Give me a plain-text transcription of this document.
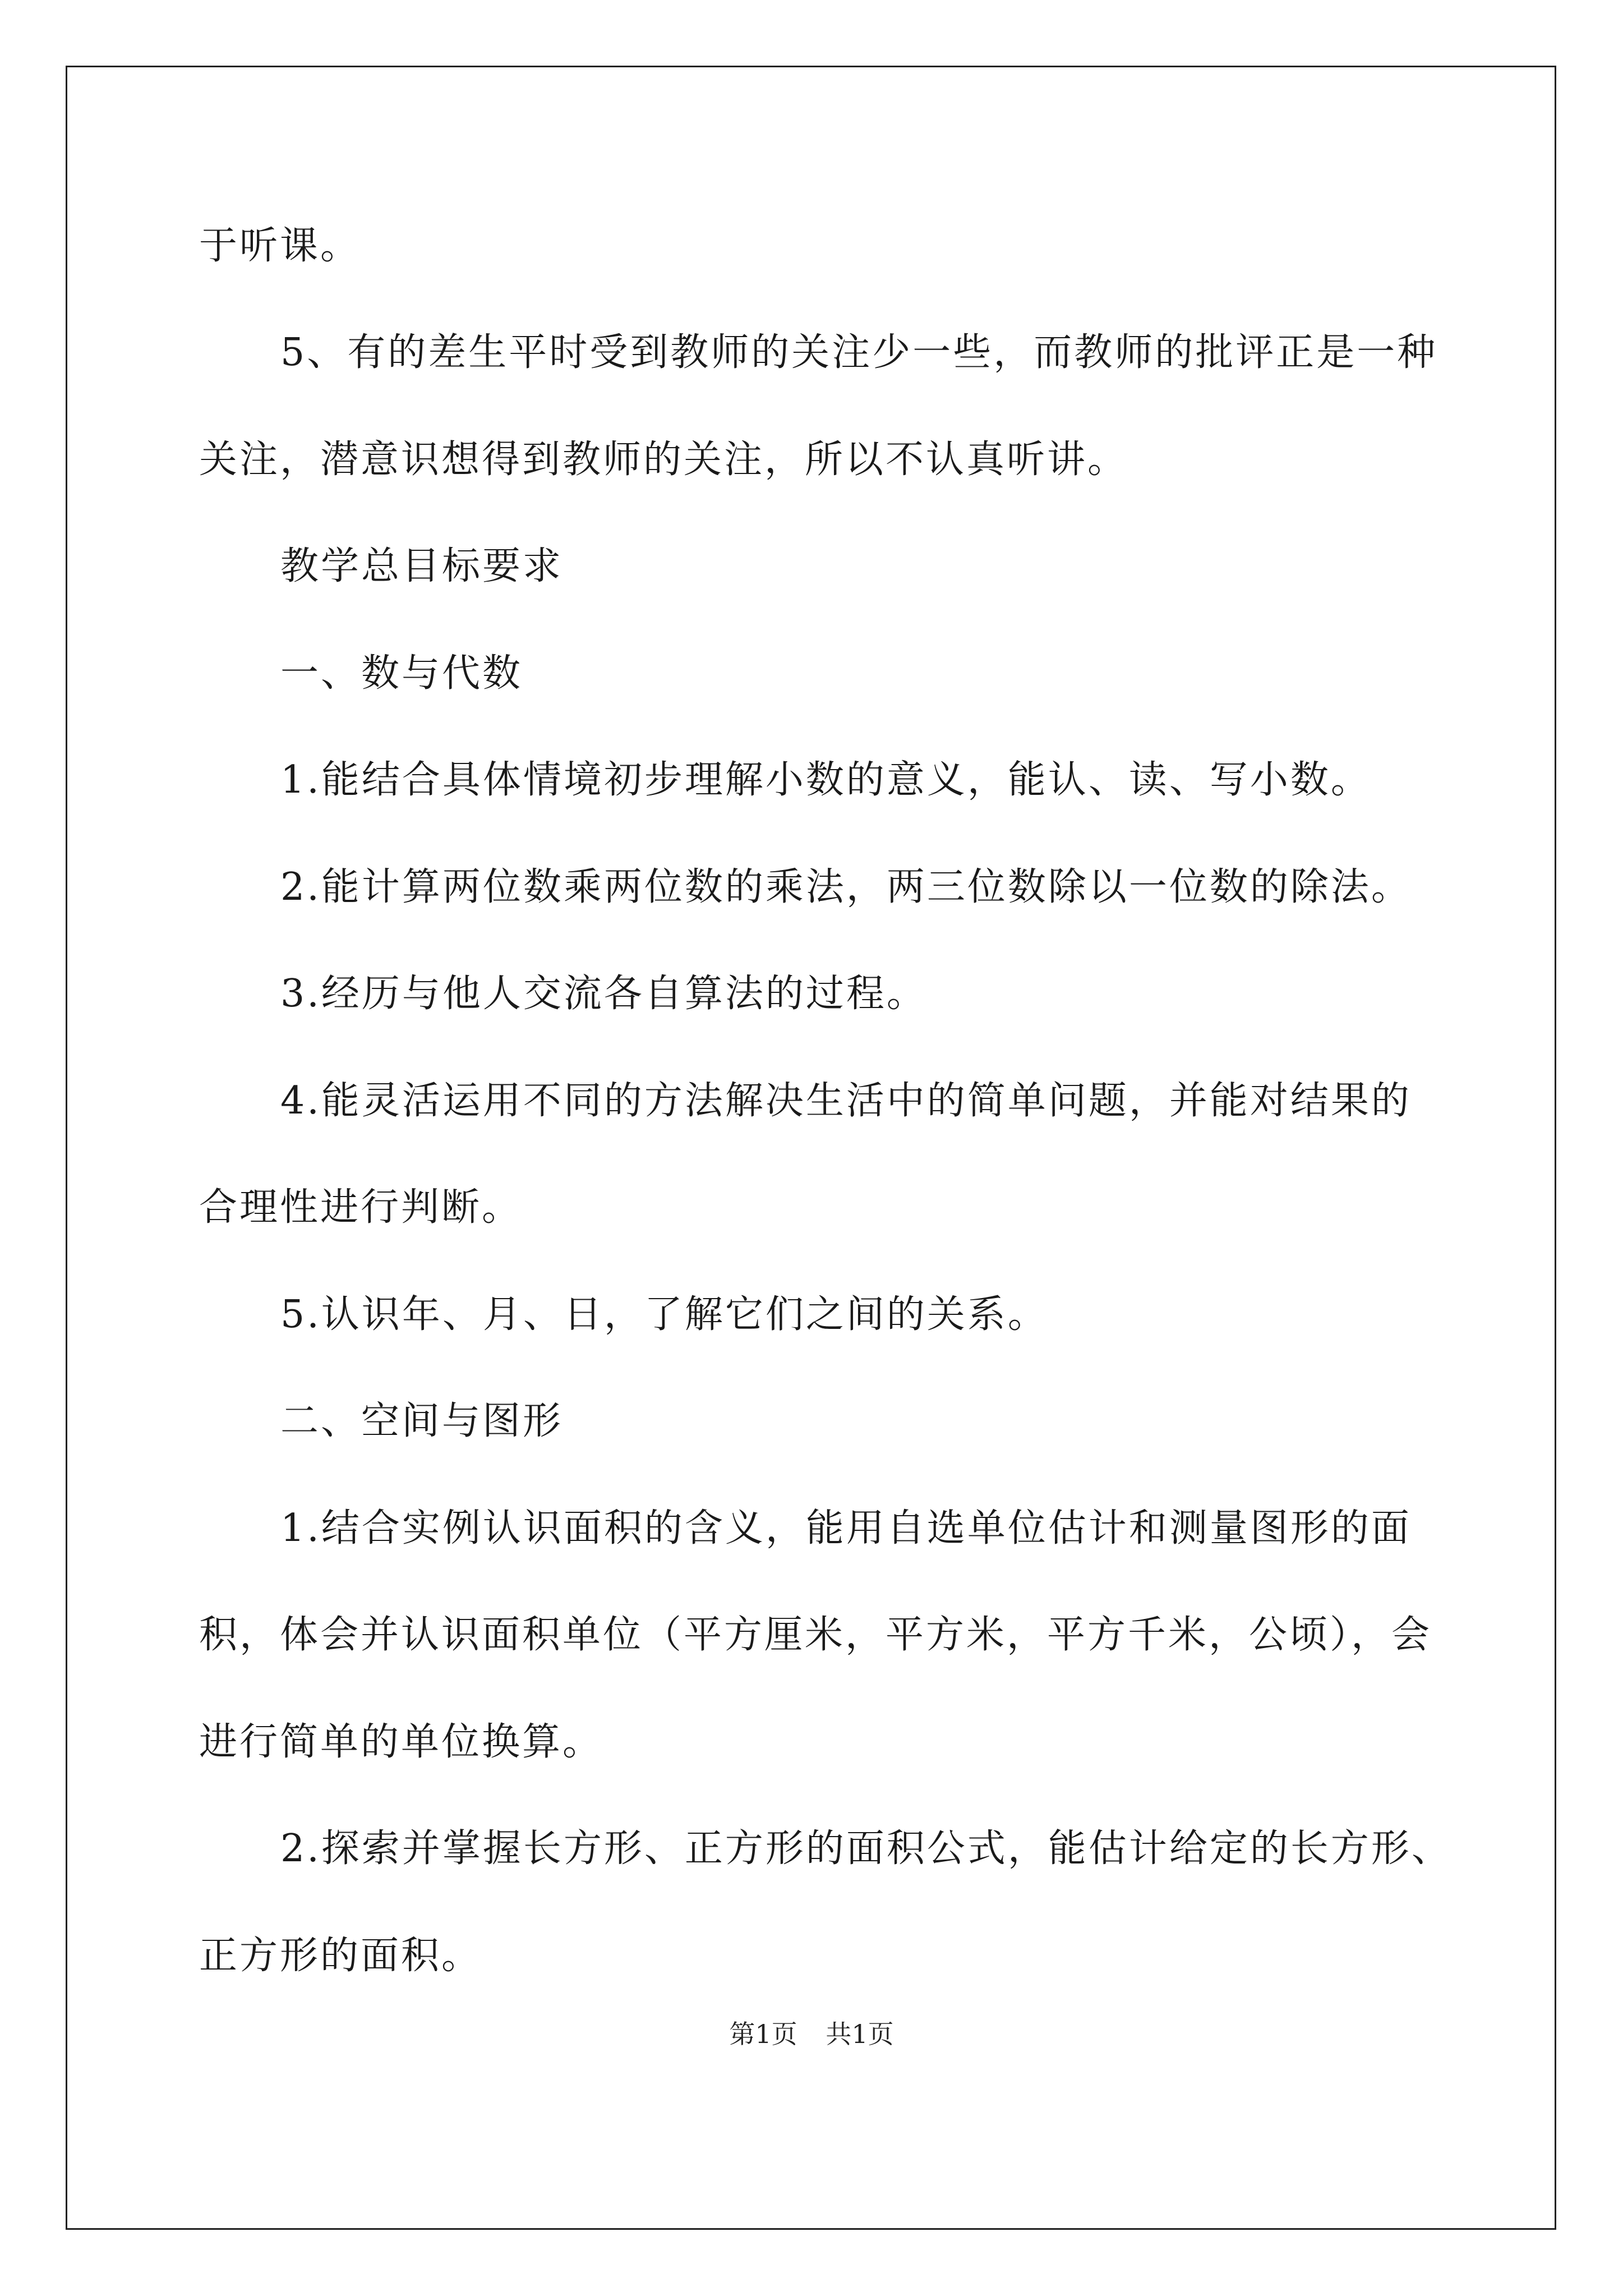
于听课。
5、有的差生平时受到教师的关注少一些，而教师的批评正是一种
关注，潜意识想得到教师的关注，所以不认真听讲。
教学总目标要求
一、数与代数
1.能结合具体情境初步理解小数的意义，能认、读、写小数。
2.能计算两位数乘两位数的乘法，两三位数除以一位数的除法。
3.经历与他人交流各自算法的过程。
4.能灵活运用不同的方法解决生活中的简单问题，并能对结果的
合理性进行判断。
5.认识年、月、日，了解它们之间的关系。
二、空间与图形
1.结合实例认识面积的含义，能用自选单位估计和测量图形的面
积，体会并认识面积单位（平方厘米，平方米，平方千米，公顷），会
进行简单的单位换算。
2.探索并掌握长方形、正方形的面积公式，能估计给定的长方形、
正方形的面积。
第1页 共1页
